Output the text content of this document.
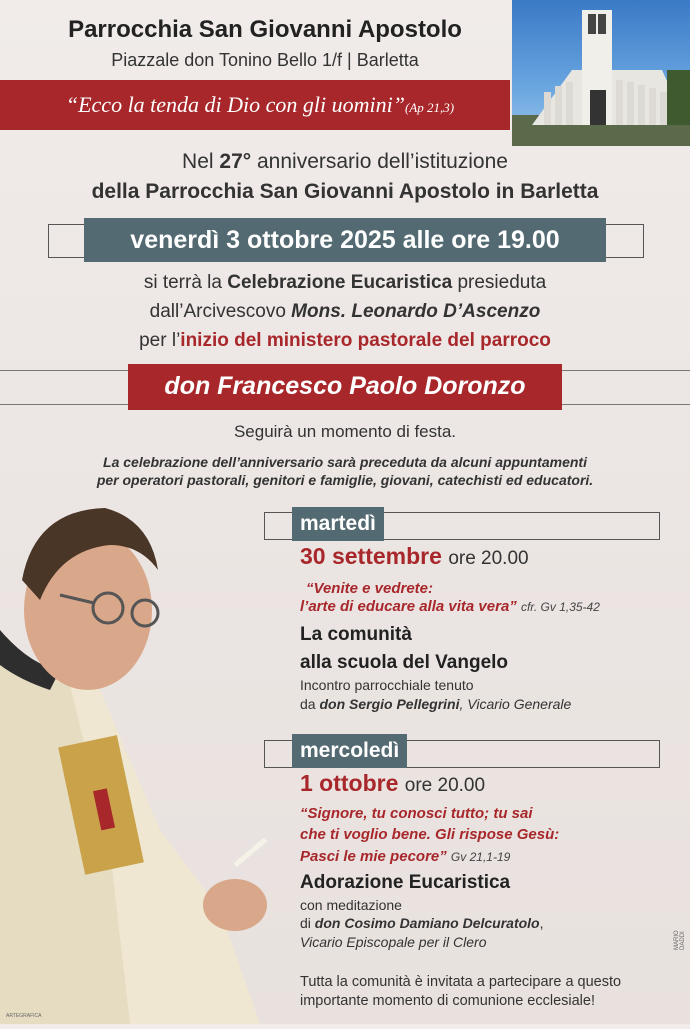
Parrocchia San Giovanni Apostolo
Piazzale don Tonino Bello 1/f | Barletta
“Ecco la tenda di Dio con gli uomini”(Ap 21,3)
Nel 27° anniversario dell’istituzione
della Parrocchia San Giovanni Apostolo in Barletta
venerdì 3 ottobre 2025 alle ore 19.00
si terrà la Celebrazione Eucaristica presieduta
dall’Arcivescovo Mons. Leonardo D’Ascenzo
per l’inizio del ministero pastorale del parroco
don Francesco Paolo Doronzo
Seguirà un momento di festa.
La celebrazione dell’anniversario sarà preceduta da alcuni appuntamenti
per operatori pastorali, genitori e famiglie, giovani, catechisti ed educatori.
martedì
30 settembre ore 20.00
“Venite e vedrete:
l’arte di educare alla vita vera” cfr. Gv 1,35-42
La comunità
alla scuola del Vangelo
Incontro parrocchiale tenuto
da don Sergio Pellegrini, Vicario Generale
mercoledì
1 ottobre ore 20.00
“Signore, tu conosci tutto; tu sai
che ti voglio bene. Gli rispose Gesù:
Pasci le mie pecore” Gv 21,1-19
Adorazione Eucaristica
con meditazione
di don Cosimo Damiano Delcuratolo,
Vicario Episcopale per il Clero
Tutta la comunità è invitata a partecipare a questo
importante momento di comunione ecclesiale!
MARIO DADDI
ARTEGRAFICA
